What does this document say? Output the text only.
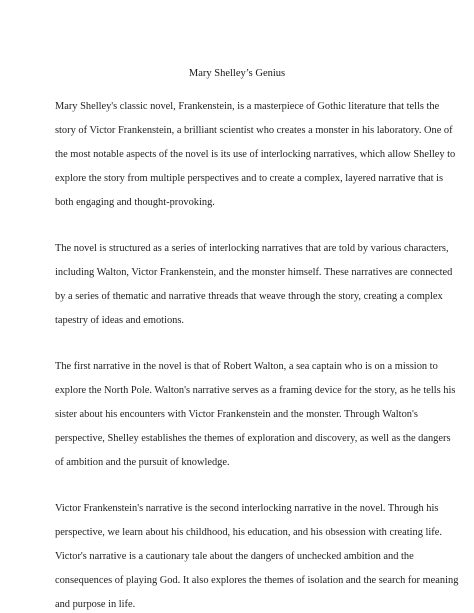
Mary Shelley’s Genius
Mary Shelley's classic novel, Frankenstein, is a masterpiece of Gothic literature that tells the
story of Victor Frankenstein, a brilliant scientist who creates a monster in his laboratory. One of
the most notable aspects of the novel is its use of interlocking narratives, which allow Shelley to
explore the story from multiple perspectives and to create a complex, layered narrative that is
both engaging and thought-provoking.
The novel is structured as a series of interlocking narratives that are told by various characters,
including Walton, Victor Frankenstein, and the monster himself. These narratives are connected
by a series of thematic and narrative threads that weave through the story, creating a complex
tapestry of ideas and emotions.
The first narrative in the novel is that of Robert Walton, a sea captain who is on a mission to
explore the North Pole. Walton's narrative serves as a framing device for the story, as he tells his
sister about his encounters with Victor Frankenstein and the monster. Through Walton's
perspective, Shelley establishes the themes of exploration and discovery, as well as the dangers
of ambition and the pursuit of knowledge.
Victor Frankenstein's narrative is the second interlocking narrative in the novel. Through his
perspective, we learn about his childhood, his education, and his obsession with creating life.
Victor's narrative is a cautionary tale about the dangers of unchecked ambition and the
consequences of playing God. It also explores the themes of isolation and the search for meaning
and purpose in life.
